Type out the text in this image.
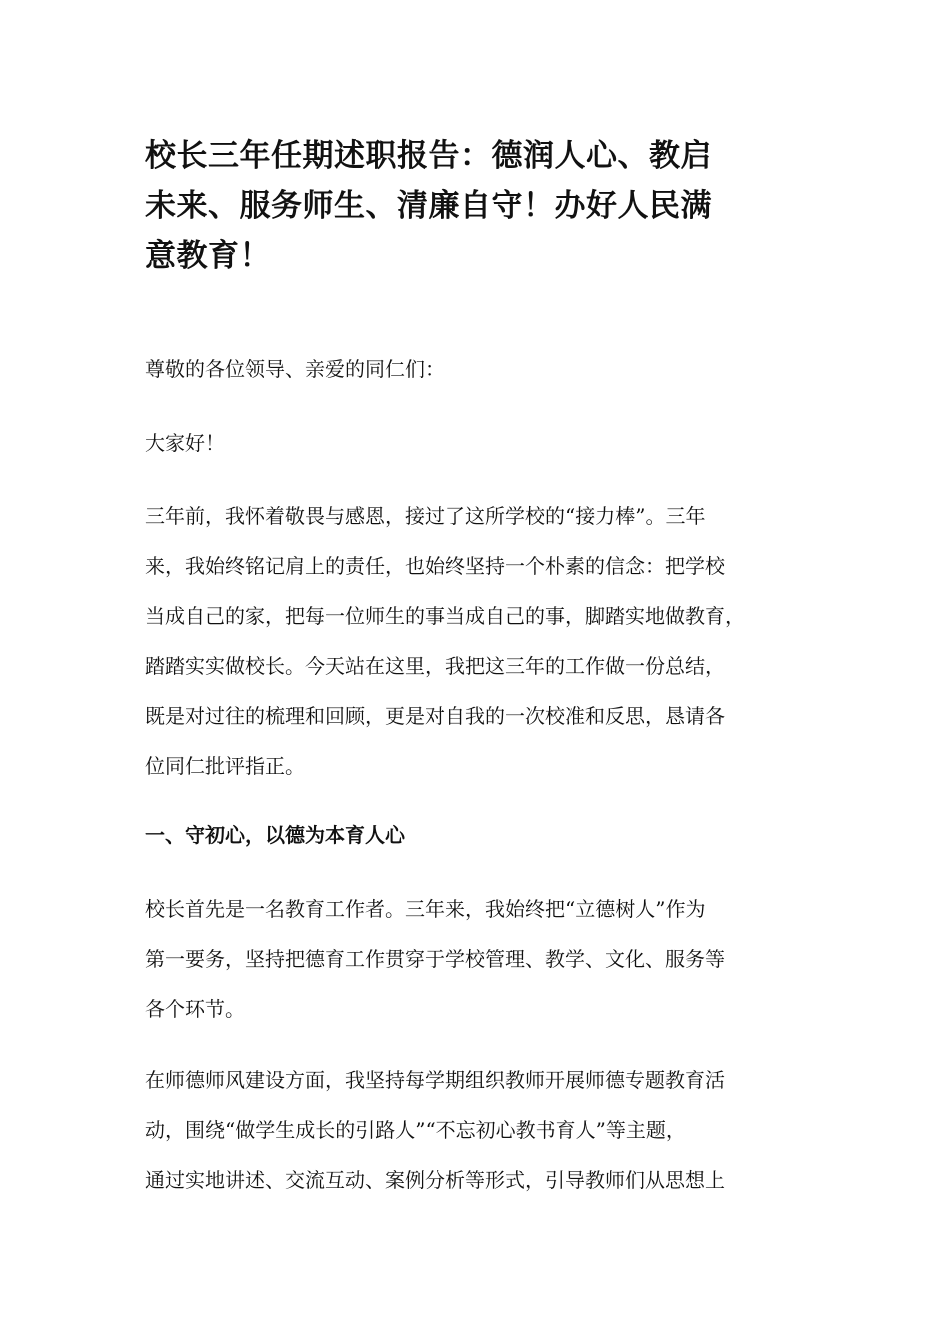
校长三年任期述职报告：德润人心、教启
未来、服务师生、清廉自守！办好人民满
意教育！

尊敬的各位领导、亲爱的同仁们：

大家好！

三年前，我怀着敬畏与感恩，接过了这所学校的“接力棒”。三年
来，我始终铭记肩上的责任，也始终坚持一个朴素的信念：把学校
当成自己的家，把每一位师生的事当成自己的事，脚踏实地做教育，
踏踏实实做校长。今天站在这里，我把这三年的工作做一份总结，
既是对过往的梳理和回顾，更是对自我的一次校准和反思，恳请各
位同仁批评指正。

一、守初心，以德为本育人心

校长首先是一名教育工作者。三年来，我始终把“立德树人”作为
第一要务，坚持把德育工作贯穿于学校管理、教学、文化、服务等
各个环节。

在师德师风建设方面，我坚持每学期组织教师开展师德专题教育活
动，围绕“做学生成长的引路人”“不忘初心教书育人”等主题，
通过实地讲述、交流互动、案例分析等形式，引导教师们从思想上
